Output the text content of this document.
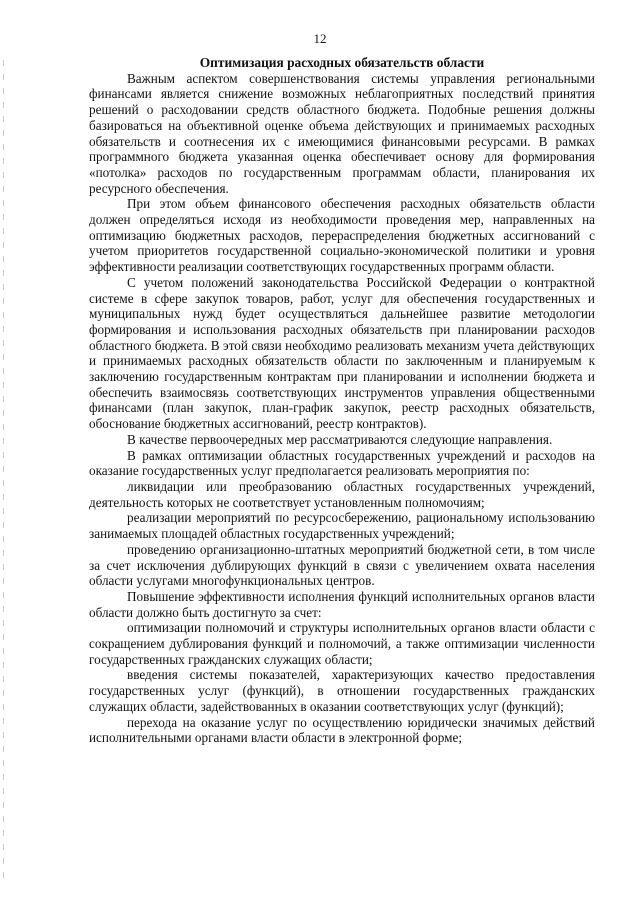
12

Оптимизация расходных обязательств области

Важным аспектом совершенствования системы управления региональными финансами является снижение возможных неблагоприятных последствий принятия решений о расходовании средств областного бюджета. Подобные решения должны базироваться на объективной оценке объема действующих и принимаемых расходных обязательств и соотнесения их с имеющимися финансовыми ресурсами. В рамках программного бюджета указанная оценка обеспечивает основу для формирования «потолка» расходов по государственным программам области, планирования их ресурсного обеспечения.

При этом объем финансового обеспечения расходных обязательств области должен определяться исходя из необходимости проведения мер, направленных на оптимизацию бюджетных расходов, перераспределения бюджетных ассигнований с учетом приоритетов государственной социально-экономической политики и уровня эффективности реализации соответствующих государственных программ области.

С учетом положений законодательства Российской Федерации о контрактной системе в сфере закупок товаров, работ, услуг для обеспечения государственных и муниципальных нужд будет осуществляться дальнейшее развитие методологии формирования и использования расходных обязательств при планировании расходов областного бюджета. В этой связи необходимо реализовать механизм учета действующих и принимаемых расходных обязательств области по заключенным и планируемым к заключению государственным контрактам при планировании и исполнении бюджета и обеспечить взаимосвязь соответствующих инструментов управления общественными финансами (план закупок, план-график закупок, реестр расходных обязательств, обоснование бюджетных ассигнований, реестр контрактов).

В качестве первоочередных мер рассматриваются следующие направления.

В рамках оптимизации областных государственных учреждений и расходов на оказание государственных услуг предполагается реализовать мероприятия по:

ликвидации или преобразованию областных государственных учреждений, деятельность которых не соответствует установленным полномочиям;

реализации мероприятий по ресурсосбережению, рациональному использованию занимаемых площадей областных государственных учреждений;

проведению организационно-штатных мероприятий бюджетной сети, в том числе за счет исключения дублирующих функций в связи с увеличением охвата населения области услугами многофункциональных центров.

Повышение эффективности исполнения функций исполнительных органов власти области должно быть достигнуто за счет:

оптимизации полномочий и структуры исполнительных органов власти области с сокращением дублирования функций и полномочий, а также оптимизации численности государственных гражданских служащих области;

введения системы показателей, характеризующих качество предоставления государственных услуг (функций), в отношении государственных гражданских служащих области, задействованных в оказании соответствующих услуг (функций);

перехода на оказание услуг по осуществлению юридически значимых действий исполнительными органами власти области в электронной форме;
